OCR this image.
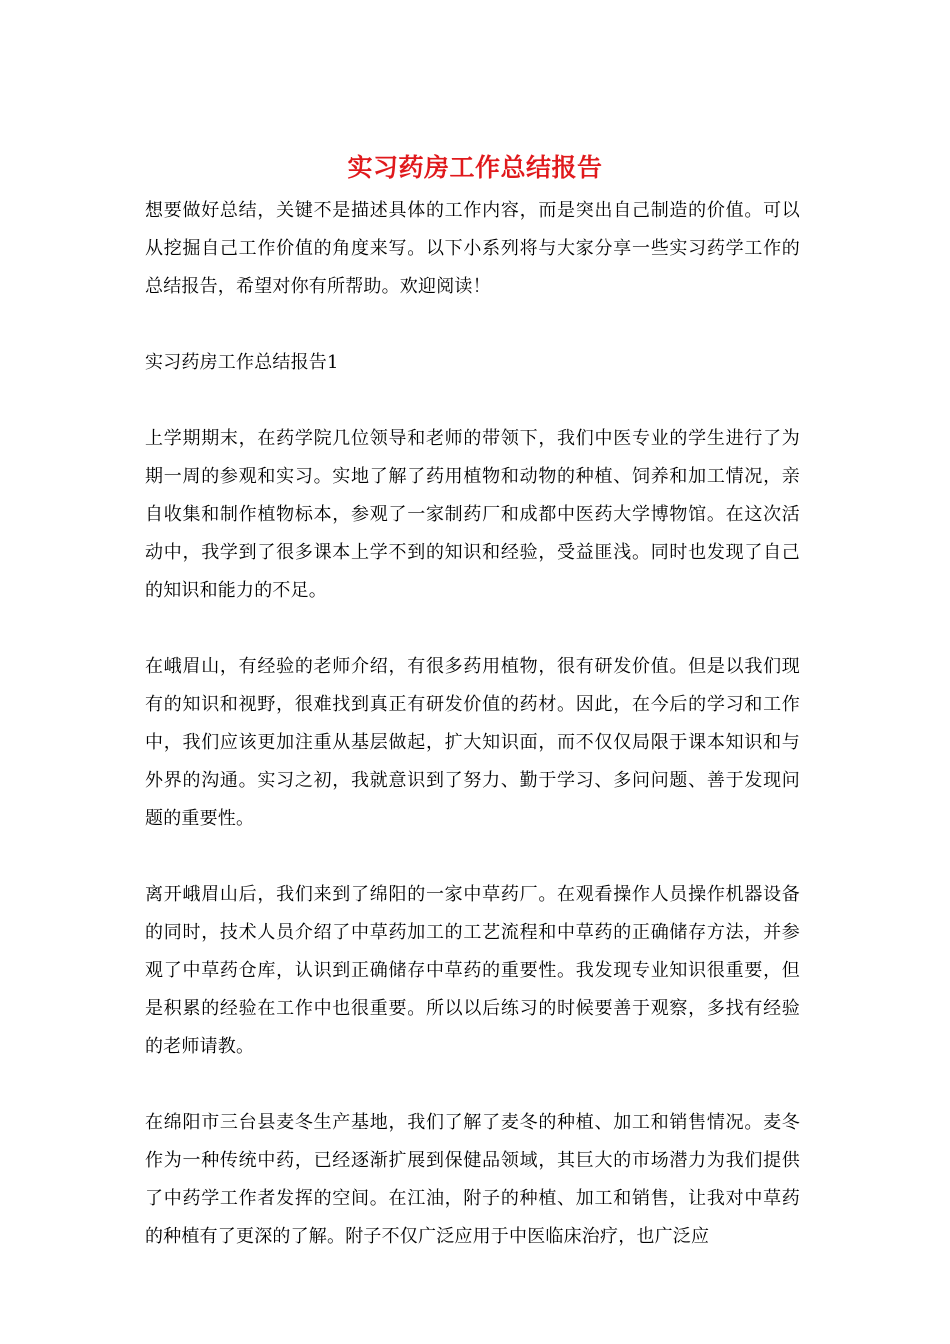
实习药房工作总结报告

想要做好总结，关键不是描述具体的工作内容，而是突出自己制造的价值。可以从挖掘自己工作价值的角度来写。以下小系列将与大家分享一些实习药学工作的总结报告，希望对你有所帮助。欢迎阅读！

实习药房工作总结报告1

上学期期末，在药学院几位领导和老师的带领下，我们中医专业的学生进行了为期一周的参观和实习。实地了解了药用植物和动物的种植、饲养和加工情况，亲自收集和制作植物标本，参观了一家制药厂和成都中医药大学博物馆。在这次活动中，我学到了很多课本上学不到的知识和经验，受益匪浅。同时也发现了自己的知识和能力的不足。

在峨眉山，有经验的老师介绍，有很多药用植物，很有研发价值。但是以我们现有的知识和视野，很难找到真正有研发价值的药材。因此，在今后的学习和工作中，我们应该更加注重从基层做起，扩大知识面，而不仅仅局限于课本知识和与外界的沟通。实习之初，我就意识到了努力、勤于学习、多问问题、善于发现问题的重要性。

离开峨眉山后，我们来到了绵阳的一家中草药厂。在观看操作人员操作机器设备的同时，技术人员介绍了中草药加工的工艺流程和中草药的正确储存方法，并参观了中草药仓库，认识到正确储存中草药的重要性。我发现专业知识很重要，但是积累的经验在工作中也很重要。所以以后练习的时候要善于观察，多找有经验的老师请教。

在绵阳市三台县麦冬生产基地，我们了解了麦冬的种植、加工和销售情况。麦冬作为一种传统中药，已经逐渐扩展到保健品领域，其巨大的市场潜力为我们提供了中药学工作者发挥的空间。在江油，附子的种植、加工和销售，让我对中草药的种植有了更深的了解。附子不仅广泛应用于中医临床治疗，也广泛应
